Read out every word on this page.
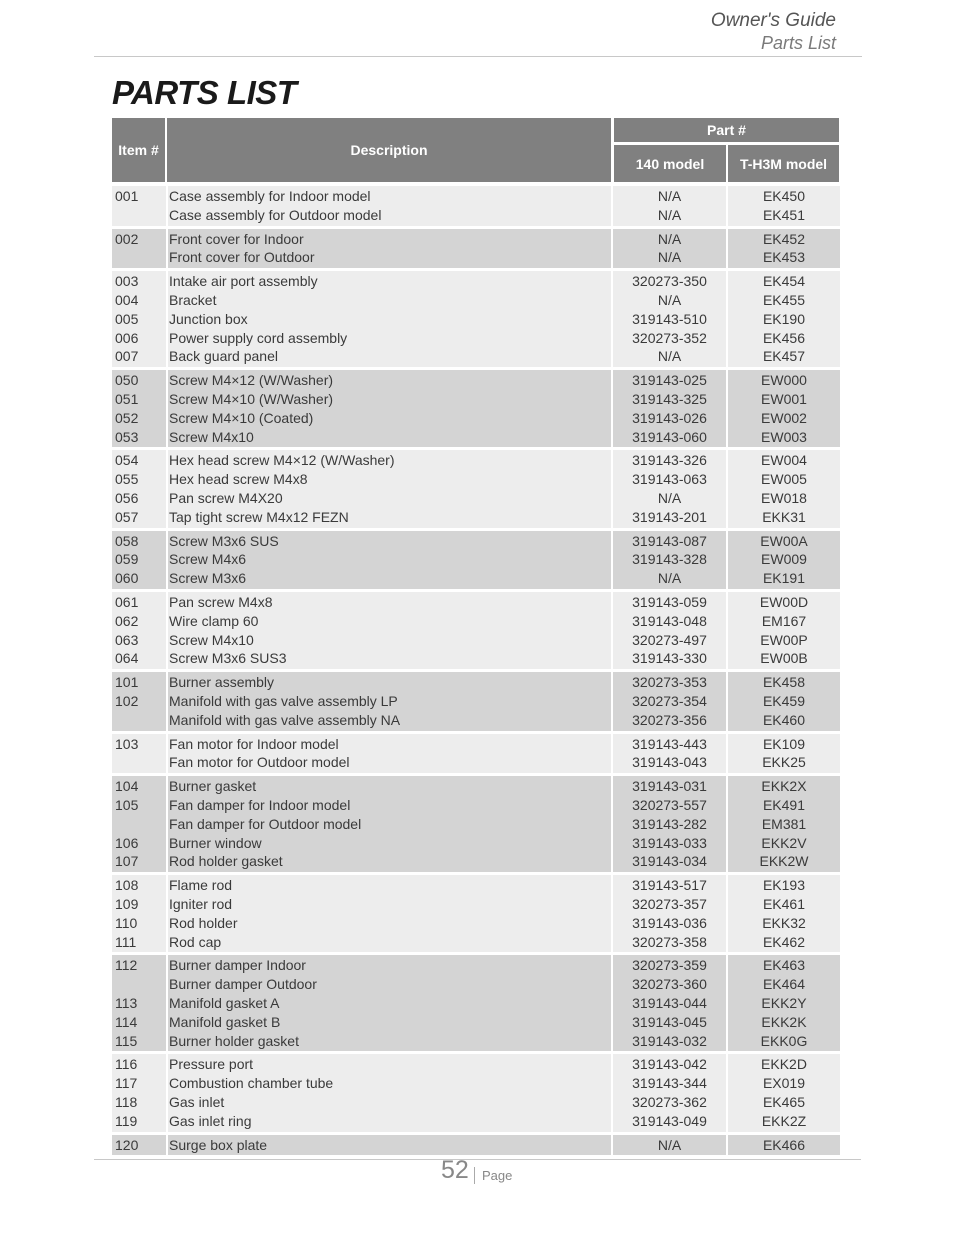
Owner's Guide
Parts List
PARTS LIST
Item #	Description
Part #
140 model	T-H3M model
001 Case assembly for Indoor model	N/A	EK450
Case assembly for Outdoor model	N/A	EK451
002 Front cover for Indoor	N/A	EK452
Front cover for Outdoor	N/A	EK453
003 Intake air port assembly	320273-350	EK454
004 Bracket	N/A	EK455
005 Junction box	319143-510	EK190
006 Power supply cord assembly	320273-352	EK456
007 Back guard panel	N/A	EK457
050 Screw M4×12 (W/Washer)	319143-025	EW000
051 Screw M4×10 (W/Washer)	319143-325	EW001
052 Screw M4×10 (Coated)	319143-026	EW002
053 Screw M4x10	319143-060	EW003
054 Hex head screw M4×12 (W/Washer)	319143-326	EW004
055 Hex head screw M4x8	319143-063	EW005
056 Pan screw M4X20	N/A	EW018
057 Tap tight screw M4x12 FEZN	319143-201	EKK31
058 Screw M3x6 SUS	319143-087	EW00A
059 Screw M4x6	319143-328	EW009
060 Screw M3x6	N/A	EK191
061 Pan screw M4x8	319143-059	EW00D
062 Wire clamp 60	319143-048	EM167
063 Screw M4x10	320273-497	EW00P
064 Screw M3x6 SUS3	319143-330	EW00B
101 Burner assembly	320273-353	EK458
102 Manifold with gas valve assembly LP	320273-354	EK459
Manifold with gas valve assembly NA	320273-356	EK460
103 Fan motor for Indoor model	319143-443	EK109
Fan motor for Outdoor model	319143-043	EKK25
104 Burner gasket	319143-031	EKK2X
105 Fan damper for Indoor model	320273-557	EK491
Fan damper for Outdoor model	319143-282	EM381
106 Burner window	319143-033	EKK2V
107 Rod holder gasket	319143-034	EKK2W
108 Flame rod	319143-517	EK193
109 Igniter rod	320273-357	EK461
110 Rod holder	319143-036	EKK32
111 Rod cap	320273-358	EK462
112 Burner damper Indoor	320273-359	EK463
Burner damper Outdoor	320273-360	EK464
113 Manifold gasket A	319143-044	EKK2Y
114 Manifold gasket B	319143-045	EKK2K
115 Burner holder gasket	319143-032	EKK0G
116 Pressure port	319143-042	EKK2D
117 Combustion chamber tube	319143-344	EX019
118 Gas inlet	320273-362	EK465
119 Gas inlet ring	319143-049	EKK2Z
120 Surge box plate	N/A	EK466
52 Page
